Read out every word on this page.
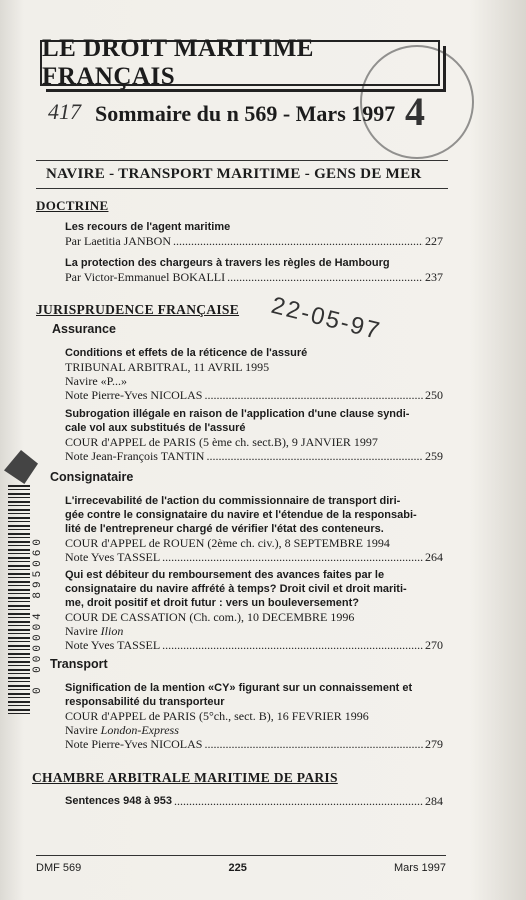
4
LE DROIT MARITIME FRANÇAIS
417 Sommaire du n 569 - Mars 1997
22-05-97
NAVIRE - TRANSPORT MARITIME - GENS DE MER
DOCTRINE
Les recours de l'agent maritime
Par Laetitia JANBON .....	227
La protection des chargeurs à travers les règles de Hambourg
Par Victor-Emmanuel BOKALLI .....	237
JURISPRUDENCE FRANÇAISE
Assurance
Conditions et effets de la réticence de l'assuré
TRIBUNAL ARBITRAL, 11 AVRIL 1995
Navire «P...»
Note Pierre-Yves NICOLAS .....	250
Subrogation illégale en raison de l'application d'une clause syndi-
cale vol aux substitués de l'assuré
COUR d'APPEL de PARIS (5 ème ch. sect.B), 9 JANVIER 1997
Note Jean-François TANTIN .....	259
Consignataire
L'irrecevabilité de l'action du commissionnaire de transport diri-
gée contre le consignataire du navire et l'étendue de la responsabi-
lité de l'entrepreneur chargé de vérifier l'état des conteneurs.
COUR d'APPEL de ROUEN (2ème ch. civ.), 8 SEPTEMBRE 1994
Note Yves TASSEL .....	264
Qui est débiteur du remboursement des avances faites par le
consignataire du navire affrété à temps? Droit civil et droit mariti-
me, droit positif et droit futur : vers un bouleversement?
COUR DE CASSATION (Ch. com.), 10 DECEMBRE 1996
Navire Ilion
Note Yves TASSEL .....	270
Transport
Signification de la mention «CY» figurant sur un connaissement et
responsabilité du transporteur
COUR d'APPEL de PARIS (5°ch., sect. B), 16 FEVRIER 1996
Navire London-Express
Note Pierre-Yves NICOLAS .....	279
CHAMBRE ARBITRALE MARITIME DE PARIS
Sentences 948 à 953 .....	284
DMF 569	225	Mars 1997
0 000004 895060
